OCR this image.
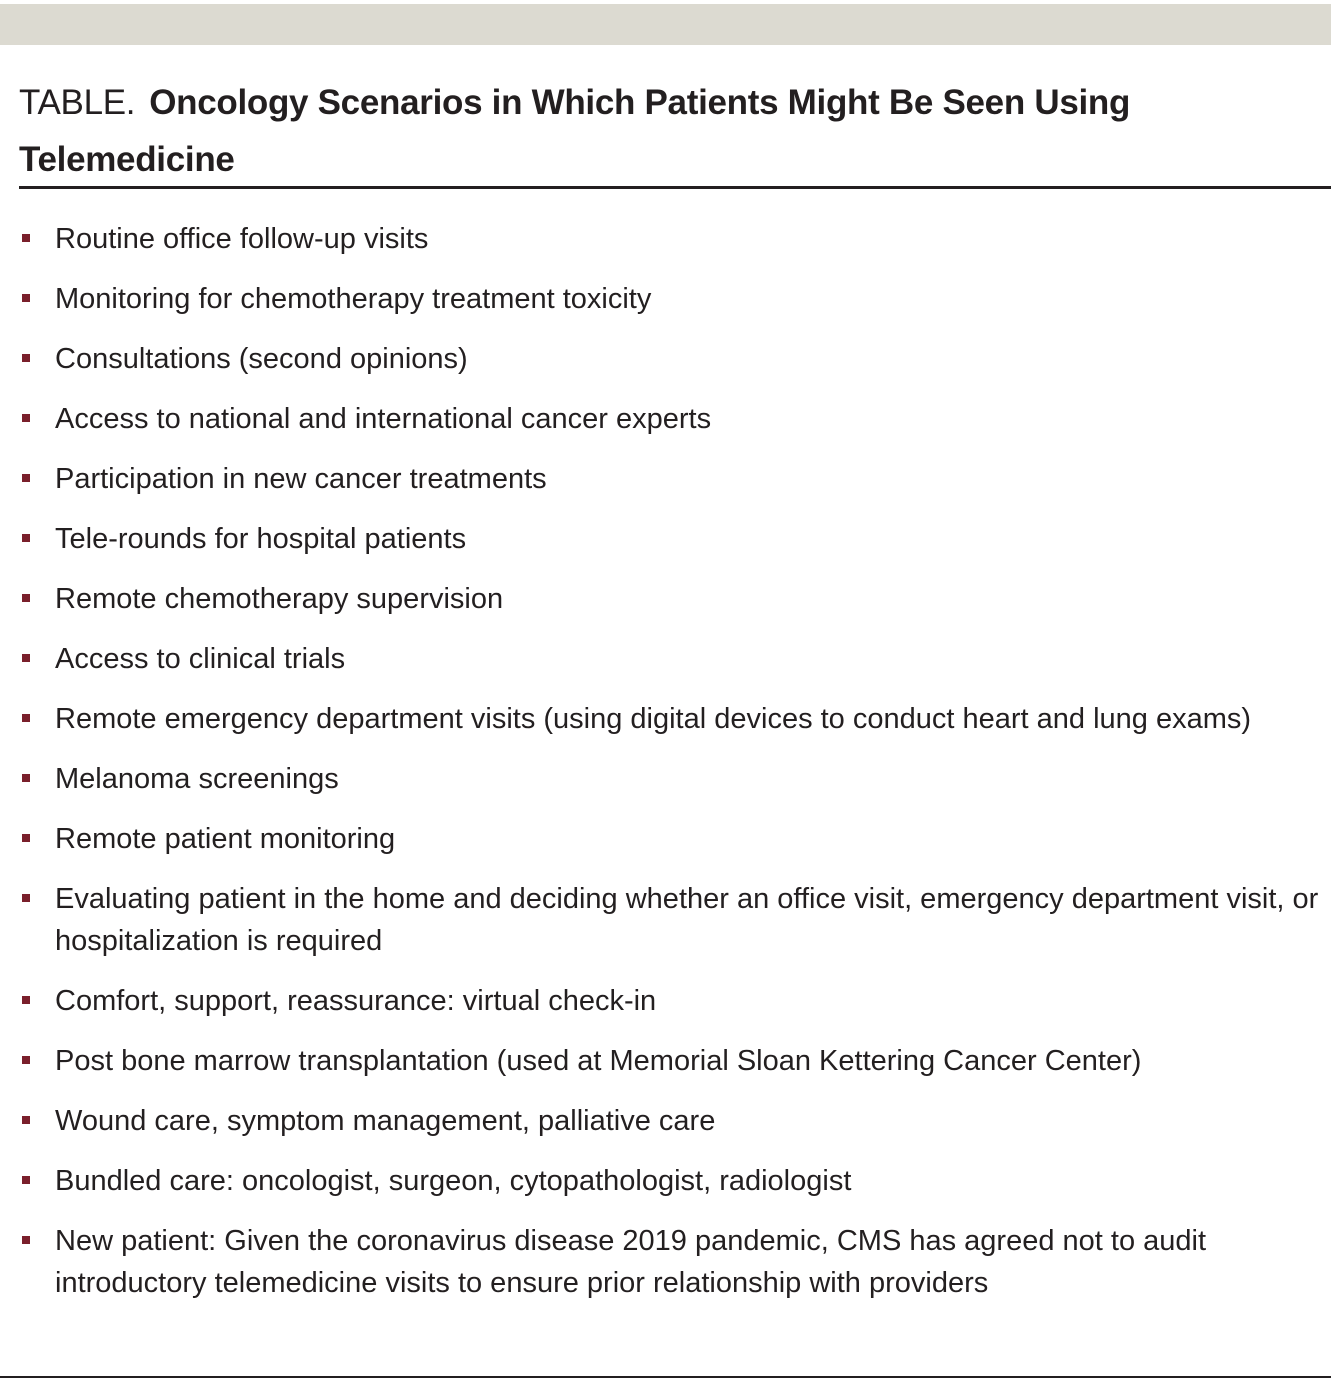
TABLE. Oncology Scenarios in Which Patients Might Be Seen Using Telemedicine
Routine office follow-up visits
Monitoring for chemotherapy treatment toxicity
Consultations (second opinions)
Access to national and international cancer experts
Participation in new cancer treatments
Tele-rounds for hospital patients
Remote chemotherapy supervision
Access to clinical trials
Remote emergency department visits (using digital devices to conduct heart and lung exams)
Melanoma screenings
Remote patient monitoring
Evaluating patient in the home and deciding whether an office visit, emergency department visit, or hospitalization is required
Comfort, support, reassurance: virtual check-in
Post bone marrow transplantation (used at Memorial Sloan Kettering Cancer Center)
Wound care, symptom management, palliative care
Bundled care: oncologist, surgeon, cytopathologist, radiologist
New patient: Given the coronavirus disease 2019 pandemic, CMS has agreed not to audit introductory telemedicine visits to ensure prior relationship with providers
